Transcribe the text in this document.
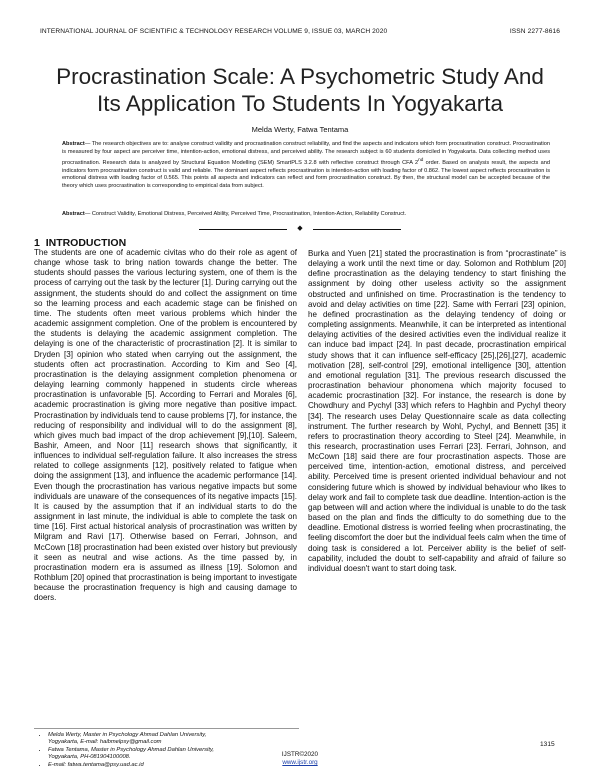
INTERNATIONAL JOURNAL OF SCIENTIFIC & TECHNOLOGY RESEARCH VOLUME 9, ISSUE 03, MARCH 2020	ISSN 2277-8616
Procrastination Scale: A Psychometric Study And
Its Application To Students In Yogyakarta
Melda Werty, Fatwa Tentama

Abstract— The research objectives are to: analyse construct validity and procrastination construct reliability, and find the aspects and indicators which form procrastination construct. Procrastination is measured by four aspect are perceiver time, intention-action, emotional distress, and perceived ability. The research subject is 60 students domiciled in Yogyakarta. Data collecting method uses procrastination. Research data is analyzed by Structural Equation Modelling (SEM) SmartPLS 3.2.8 with reflective construct through CFA 2nd order. Based on analysis result, the aspects and indicators form procrastination construct is valid and reliable. The dominant aspect reflects procrastination is intention-action with loading factor of 0.862. The lowest aspect reflects procrastination is emotional distress with loading factor of 0.565. This points all aspects and indicators can reflect and form procrastination construct. By then, the structural model can be accepted because of the theory which uses procrastination is corresponding to empirical data from subject.

Abstract— Construct Validity, Emotional Distress, Perceived Ability, Perceived Time, Procrastination, Intention-Action, Reliability Construct.
◆
1 INTRODUCTION

The students are one of academic civitas who do their role as agent of change whose task to bring nation towards change the better. The students should passes the various lecturing system, one of them is the process of carrying out the task by the lecturer [1]. During carrying out the assignment, the students should do and collect the assignment on time so the learning process and each academic stage can be finished on time. The students often meet various problems which hinder the academic assignment completion. One of the problem is encountered by the students is delaying the academic assignment completion. The delaying is one of the characteristic of procrastination [2]. It is similar to Dryden [3] opinion who stated when carrying out the assignment, the students often act procrastination. According to Kim and Seo [4], procrastination is the delaying assignment completion phenomena or delaying learning commonly happened in students circle whereas procrastination is unfavorable [5]. According to Ferrari and Morales [6], academic procrastination is giving more negative than positive impact. Procrastination by individuals tend to cause problems [7], for instance, the reducing of responsibility and individual will to do the assignment [8], which gives much bad impact of the drop achievement [9],[10]. Saleem, Bashir, Ameen, and Noor [11] research shows that significantly, it influences to individual self-regulation failure. It also increases the stress related to college assignments [12], positively related to fatigue when doing the assignment [13], and influence the academic performance [14]. Even though the procrastination has various negative impacts but some individuals are unaware of the consequences of its negative impacts [15]. It is caused by the assumption that if an individual starts to do the assignment in last minute, the individual is able to complete the task on time [16]. First actual historical analysis of procrastination was written by Milgram and Ravi [17]. Otherwise based on Ferrari, Johnson, and McCown [18] procrastination had been existed over history but previously it seen as neutral and wise actions. As the time passed by, in procrastination modern era is assumed as illness [19]. Solomon and Rothblum [20] opined that procrastination is being important to investigate because the procrastination frequency is high and causing damage to doers.

Burka and Yuen [21] stated the procrastination is from “procrastinate” is delaying a work until the next time or day. Solomon and Rothblum [20] define procrastination as the delaying tendency to start finishing the assignment by doing other useless activity so the assignment obstructed and unfinished on time. Procrastination is the tendency to avoid and delay activities on time [22]. Same with Ferrari [23] opinion, he defined procrastination as the delaying tendency of doing or completing assignments. Meanwhile, it can be interpreted as intentional delaying activities of the desired activities even the individual realize it can induce bad impact [24]. In past decade, procrastination empirical study shows that it can influence self-efficacy [25],[26],[27], academic motivation [28], self-control [29], emotional intelligence [30], attention and emotional regulation [31]. The previous research discussed the procrastination behaviour phonomena which majority focused to academic procrastination [32]. For instance, the research is done by Chowdhury and Pychyl [33] which refers to Haghbin and Pychyl theory [34]. The research uses Delay Questionnaire scale as data collecting instrument. The further research by Wohl, Pychyl, and Bennett [35] it refers to procrastination theory according to Steel [24]. Meanwhile, in this research, procrastination uses Ferrari [23]. Ferrari, Johnson, and McCown [18] said there are four procrastination aspects. Those are perceived time, intention-action, emotional distress, and perceived ability. Perceived time is present oriented individual behaviour and not considering future which is showed by individual behaviour who likes to delay work and fail to complete task due deadline. Intention-action is the gap between will and action where the individual is unable to do the task based on the plan and finds the difficulty to do something due to the deadline. Emotional distress is worried feeling when procrastinating, the feeling discomfort the doer but the individual feels calm when the time of doing task is considered a lot. Perceiver ability is the belief of self-capability, included the doubt to self-capability and afraid of failure so individual doesn't want to start doing task.

• Melda Werty, Master in Psychology Ahmad Dahlan University,
Yogyakarta, E-mail: haibmelpsy@gmail.com
• Fatwa Tentama, Master in Psychology Ahmad Dahlan University,
Yogyakarta, PH-081904100008.
• E-mail: fatwa.tentama@psy.uad.ac.id
1315
IJSTR©2020
www.ijstr.org
